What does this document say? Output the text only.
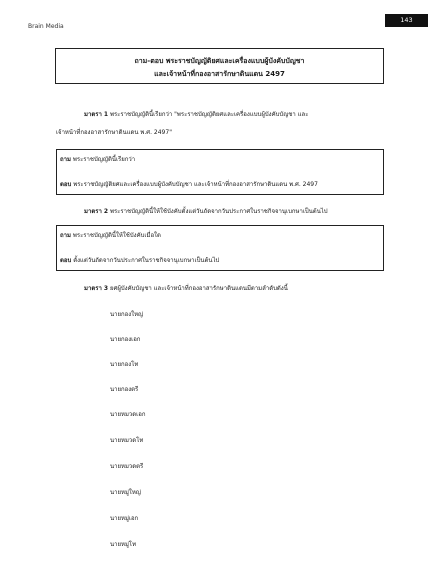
Brain Media
143
ถาม-ตอบ พระราชบัญญัติยศและเครื่องแบบผู้บังคับบัญชา
และเจ้าหน้าที่กองอาสารักษาดินแดน 2497
มาตรา 1 พระราชบัญญัตินี้เรียกว่า "พระราชบัญญัติยศและเครื่องแบบผู้บังคับบัญชา และ
เจ้าหน้าที่กองอาสารักษาดินแดน พ.ศ. 2497"
ถาม พระราชบัญญัตินี้เรียกว่า
ตอบ พระราชบัญญัติยศและเครื่องแบบผู้บังคับบัญชา และเจ้าหน้าที่กองอาสารักษาดินแดน พ.ศ. 2497
มาตรา 2 พระราชบัญญัตินี้ให้ใช้บังคับตั้งแต่วันถัดจากวันประกาศในราชกิจจานุเบกษาเป็นต้นไป
ถาม พระราชบัญญัตินี้ให้ใช้บังคับเมื่อใด
ตอบ ตั้งแต่วันถัดจากวันประกาศในราชกิจจานุเบกษาเป็นต้นไป
มาตรา 3 ยศผู้บังคับบัญชา และเจ้าหน้าที่กองอาสารักษาดินแดนมีตามลำดับดังนี้
นายกองใหญ่
นายกองเอก
นายกองโท
นายกองตรี
นายหมวดเอก
นายหมวดโท
นายหมวดตรี
นายหมู่ใหญ่
นายหมู่เอก
นายหมู่โท
